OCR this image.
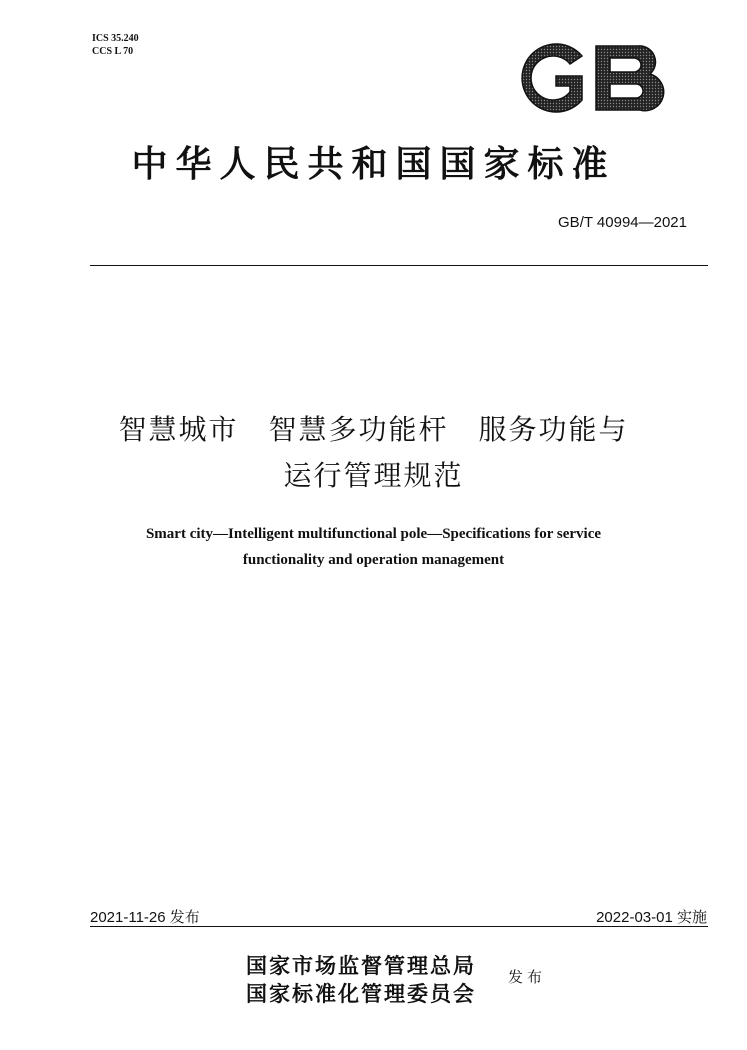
ICS 35.240
CCS L 70
中华人民共和国国家标准
GB/T 40994—2021
智慧城市　智慧多功能杆　服务功能与
运行管理规范
Smart city—Intelligent multifunctional pole—Specifications for service
functionality and operation management
2021-11-26 发布	2022-03-01 实施
国家市场监督管理总局
国家标准化管理委员会
发布
